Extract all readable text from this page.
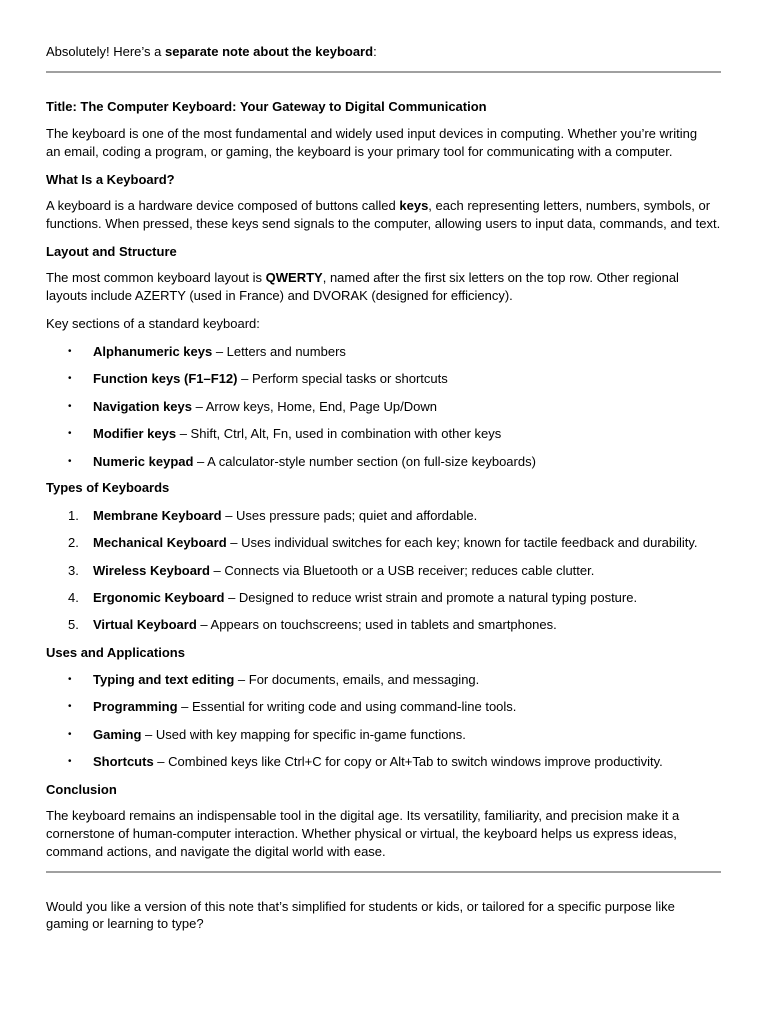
Absolutely! Here’s a separate note about the keyboard:
Title: The Computer Keyboard: Your Gateway to Digital Communication
The keyboard is one of the most fundamental and widely used input devices in computing. Whether you’re writing
an email, coding a program, or gaming, the keyboard is your primary tool for communicating with a computer.
What Is a Keyboard?
A keyboard is a hardware device composed of buttons called keys, each representing letters, numbers, symbols, or
functions. When pressed, these keys send signals to the computer, allowing users to input data, commands, and text.
Layout and Structure
The most common keyboard layout is QWERTY, named after the first six letters on the top row. Other regional
layouts include AZERTY (used in France) and DVORAK (designed for efficiency).
Key sections of a standard keyboard:
• Alphanumeric keys – Letters and numbers
• Function keys (F1–F12) – Perform special tasks or shortcuts
• Navigation keys – Arrow keys, Home, End, Page Up/Down
• Modifier keys – Shift, Ctrl, Alt, Fn, used in combination with other keys
• Numeric keypad – A calculator-style number section (on full-size keyboards)
Types of Keyboards
1. Membrane Keyboard – Uses pressure pads; quiet and affordable.
2. Mechanical Keyboard – Uses individual switches for each key; known for tactile feedback and durability.
3. Wireless Keyboard – Connects via Bluetooth or a USB receiver; reduces cable clutter.
4. Ergonomic Keyboard – Designed to reduce wrist strain and promote a natural typing posture.
5. Virtual Keyboard – Appears on touchscreens; used in tablets and smartphones.
Uses and Applications
• Typing and text editing – For documents, emails, and messaging.
• Programming – Essential for writing code and using command-line tools.
• Gaming – Used with key mapping for specific in-game functions.
• Shortcuts – Combined keys like Ctrl+C for copy or Alt+Tab to switch windows improve productivity.
Conclusion
The keyboard remains an indispensable tool in the digital age. Its versatility, familiarity, and precision make it a
cornerstone of human-computer interaction. Whether physical or virtual, the keyboard helps us express ideas,
command actions, and navigate the digital world with ease.
Would you like a version of this note that’s simplified for students or kids, or tailored for a specific purpose like
gaming or learning to type?
